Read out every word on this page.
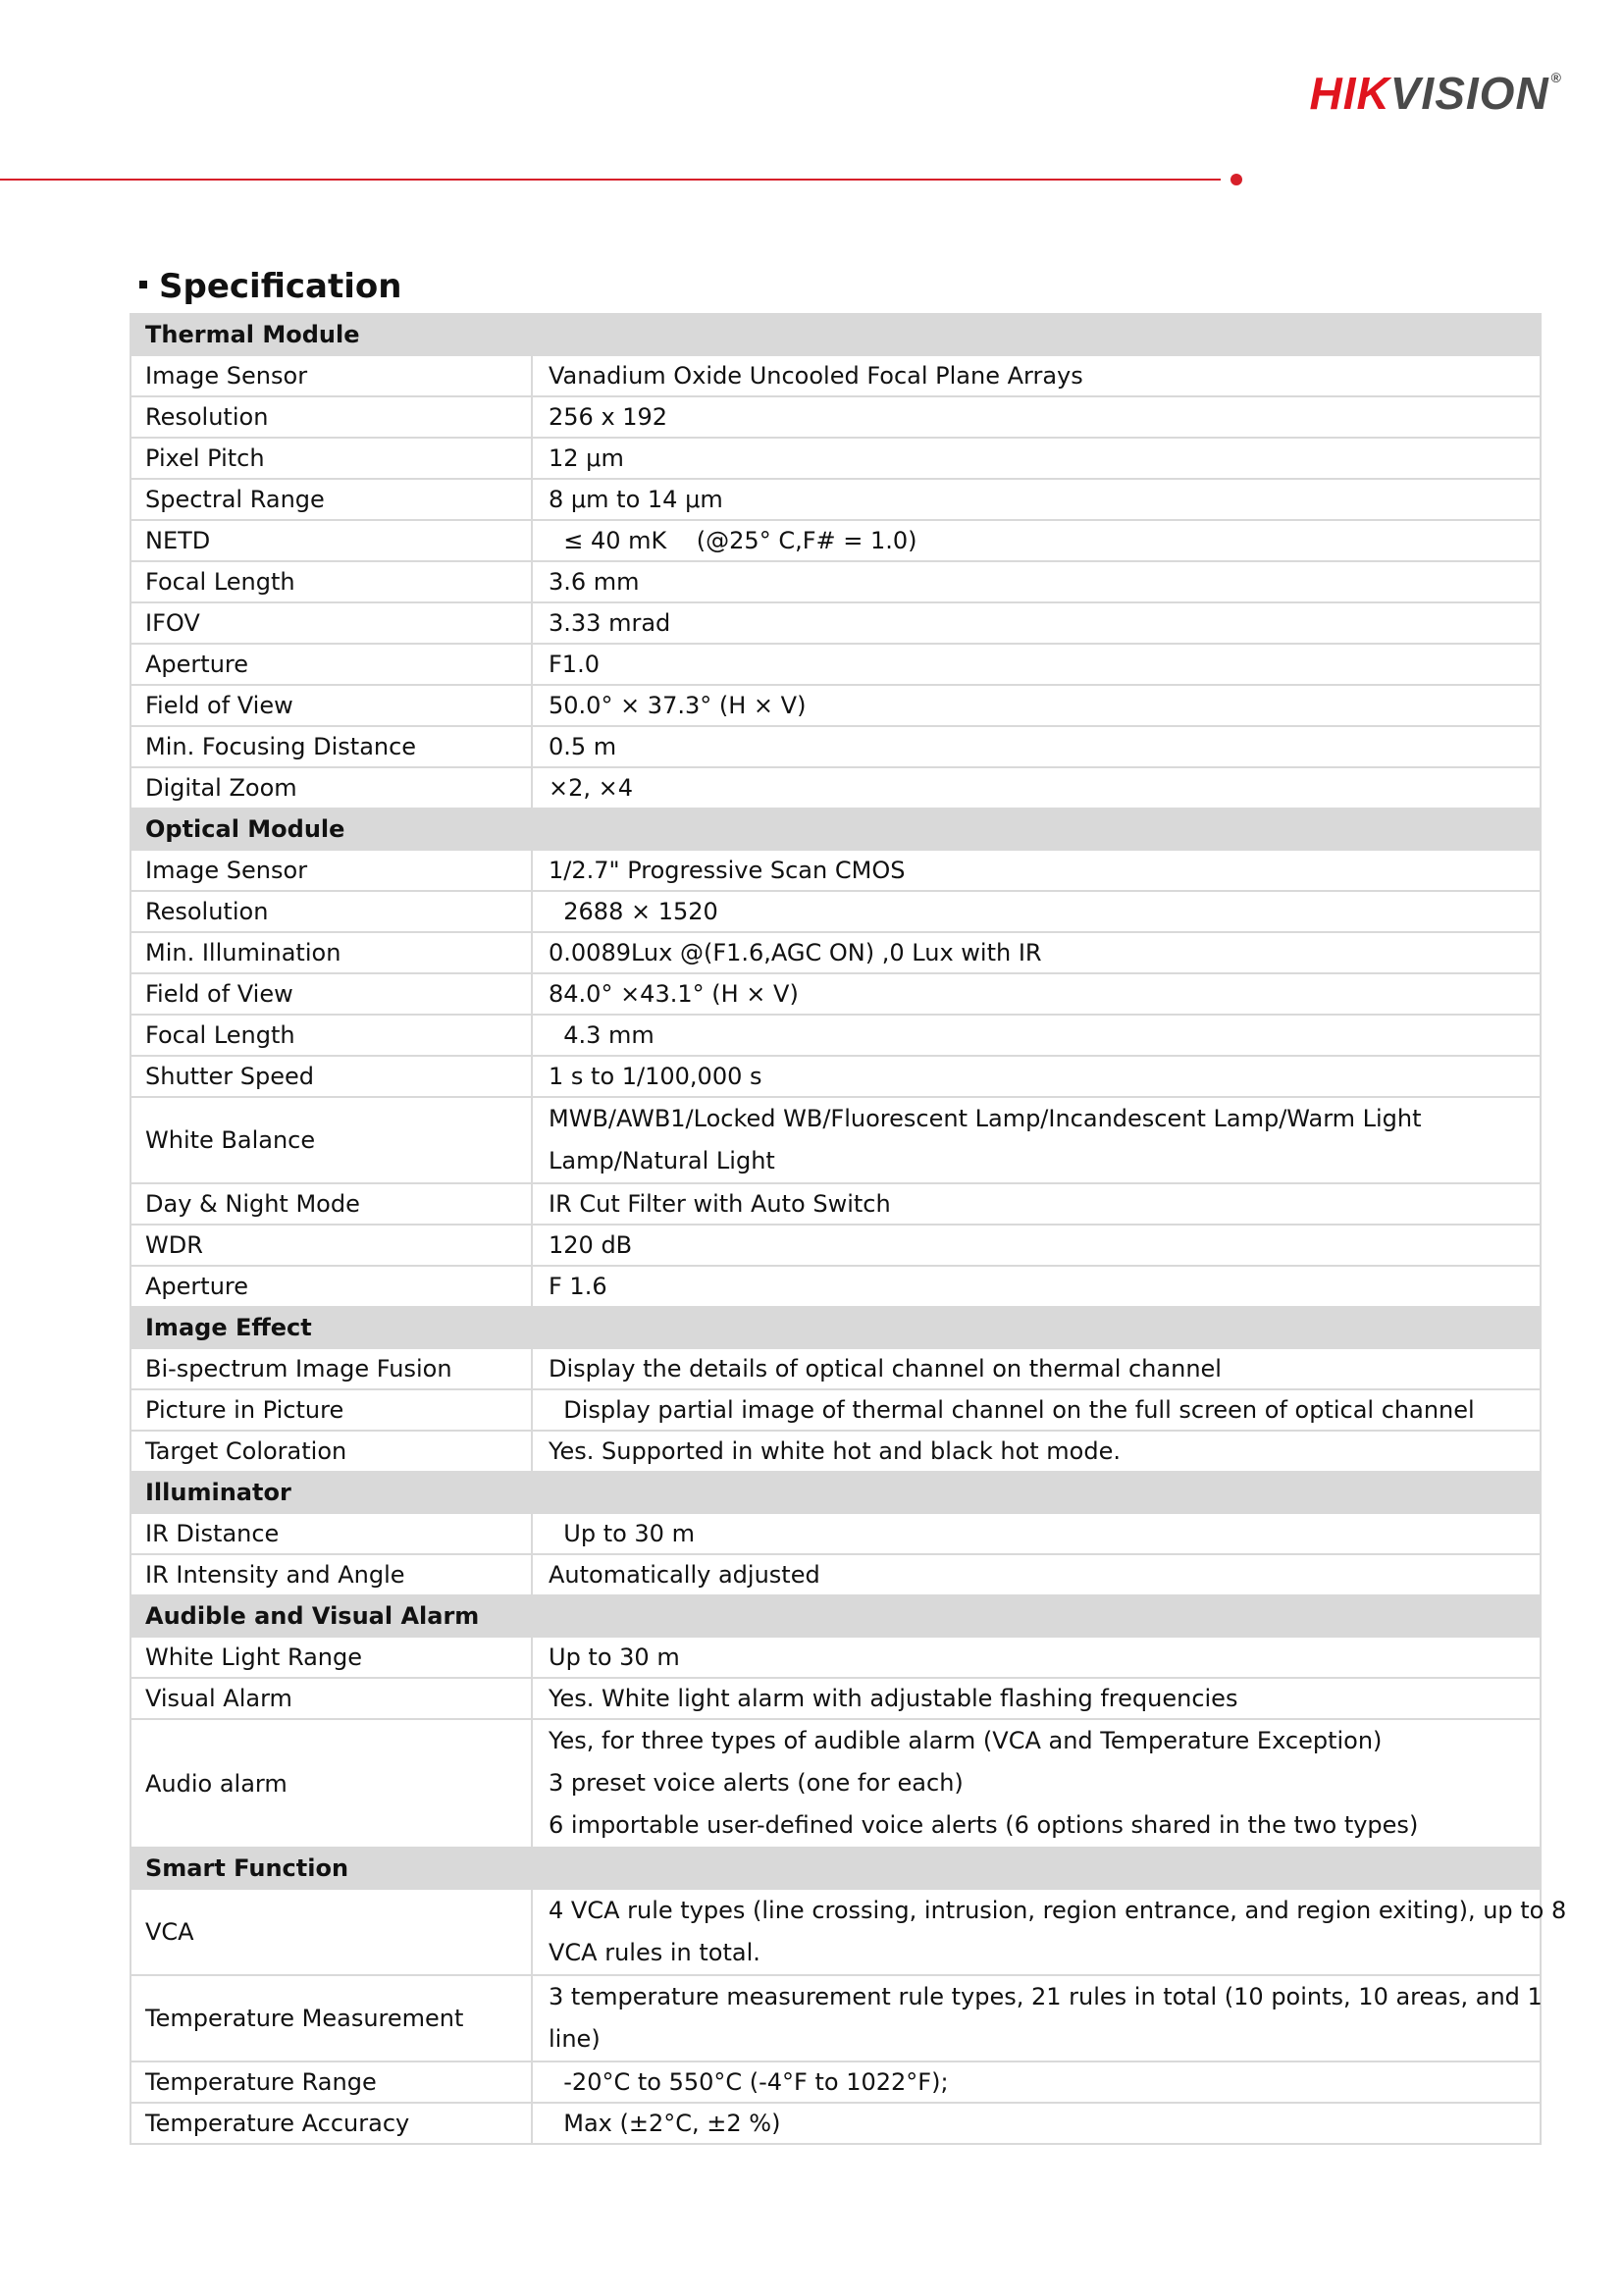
HIKVISION ®
Specification
Thermal Module	
Image Sensor	Vanadium Oxide Uncooled Focal Plane Arrays
Resolution	256 x 192
Pixel Pitch	12 μm
Spectral Range	8 μm to 14 μm
NETD	≤ 40 mK    (@25° C,F# = 1.0)
Focal Length	3.6 mm
IFOV	3.33 mrad
Aperture	F1.0
Field of View	50.0° × 37.3° (H × V)
Min. Focusing Distance	0.5 m
Digital Zoom	×2, ×4
Optical Module	
Image Sensor	1/2.7" Progressive Scan CMOS
Resolution	2688 × 1520
Min. Illumination	0.0089Lux @(F1.6,AGC ON) ,0 Lux with IR
Field of View	84.0° ×43.1° (H × V)
Focal Length	4.3 mm
Shutter Speed	1 s to 1/100,000 s
White Balance	MWB/AWB1/Locked WB/Fluorescent Lamp/Incandescent Lamp/Warm Light
Lamp/Natural Light

Day & Night Mode	IR Cut Filter with Auto Switch
WDR	120 dB
Aperture	F 1.6
Image Effect	
Bi-spectrum Image Fusion	Display the details of optical channel on thermal channel
Picture in Picture	Display partial image of thermal channel on the full screen of optical channel
Target Coloration	Yes. Supported in white hot and black hot mode.
Illuminator	
IR Distance	Up to 30 m
IR Intensity and Angle	Automatically adjusted
Audible and Visual Alarm	
White Light Range	Up to 30 m
Visual Alarm	Yes. White light alarm with adjustable flashing frequencies
Audio alarm	Yes, for three types of audible alarm (VCA and Temperature Exception)
3 preset voice alerts (one for each)
6 importable user-defined voice alerts (6 options shared in the two types)

Smart Function	
VCA	4 VCA rule types (line crossing, intrusion, region entrance, and region exiting), up to 8
VCA rules in total.

Temperature Measurement	3 temperature measurement rule types, 21 rules in total (10 points, 10 areas, and 1
line)

Temperature Range	-20°C to 550°C (-4°F to 1022°F);
Temperature Accuracy	Max (±2°C, ±2 %)
